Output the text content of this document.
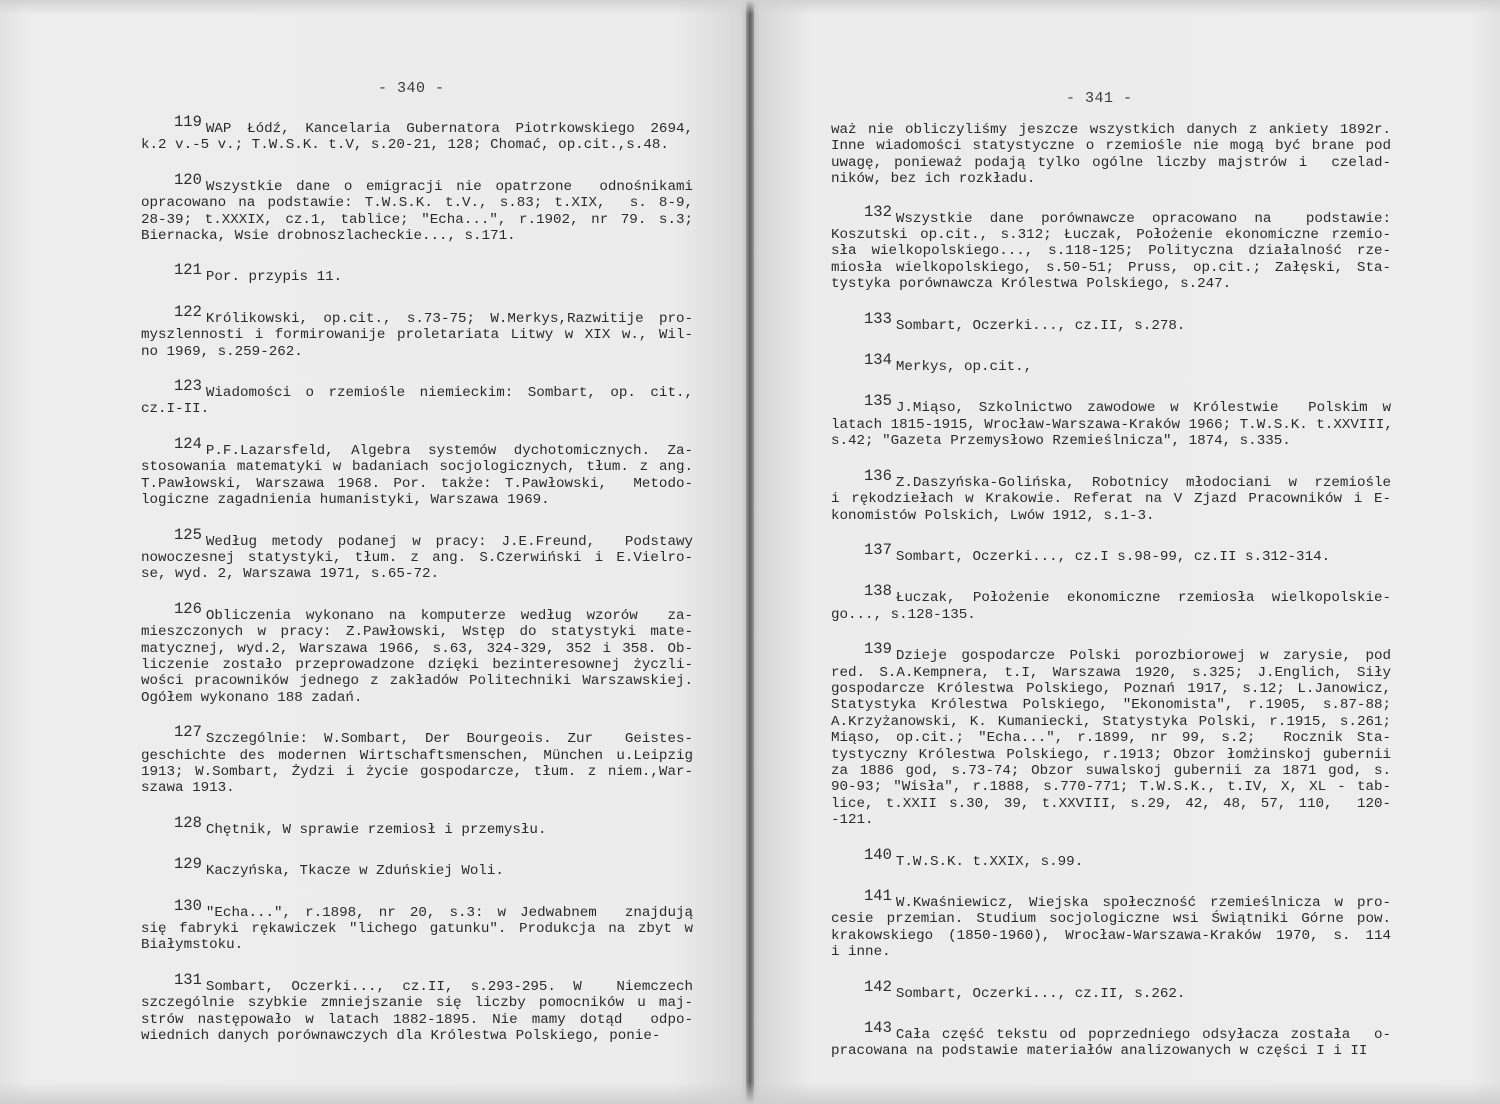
- 340 -
119 WAP Łódź, Kancelaria Gubernatora Piotrkowskiego 2694,
k.2 v.-5 v.; T.W.S.K. t.V, s.20-21, 128; Chomać, op.cit.,s.48.
120 Wszystkie dane o emigracji nie opatrzone  odnośnikami
opracowano na podstawie: T.W.S.K. t.V., s.83; t.XIX,  s. 8-9,
28-39; t.XXXIX, cz.1, tablice; "Echa...", r.1902, nr 79. s.3;
Biernacka, Wsie drobnoszlacheckie..., s.171.
121 Por. przypis 11.
122 Królikowski, op.cit., s.73-75; W.Merkys,Razwitije pro-
myszlennosti i formirowanije proletariata Litwy w XIX w., Wil-
no 1969, s.259-262.
123 Wiadomości o rzemiośle niemieckim: Sombart, op. cit.,
cz.I-II.
124 P.F.Lazarsfeld, Algebra systemów dychotomicznych. Za-
stosowania matematyki w badaniach socjologicznych, tłum. z ang.
T.Pawłowski, Warszawa 1968. Por. także: T.Pawłowski,  Metodo-
logiczne zagadnienia humanistyki, Warszawa 1969.
125 Według metody podanej w pracy: J.E.Freund,  Podstawy
nowoczesnej statystyki, tłum. z ang. S.Czerwiński i E.Vielro-
se, wyd. 2, Warszawa 1971, s.65-72.
126 Obliczenia wykonano na komputerze według wzorów  za-
mieszczonych w pracy: Z.Pawłowski, Wstęp do statystyki mate-
matycznej, wyd.2, Warszawa 1966, s.63, 324-329, 352 i 358. Ob-
liczenie zostało przeprowadzone dzięki bezinteresownej życzli-
wości pracowników jednego z zakładów Politechniki Warszawskiej.
Ogółem wykonano 188 zadań.
127 Szczególnie: W.Sombart, Der Bourgeois. Zur  Geistes-
geschichte des modernen Wirtschaftsmenschen, München u.Leipzig
1913; W.Sombart, Żydzi i życie gospodarcze, tłum. z niem.,War-
szawa 1913.
128 Chętnik, W sprawie rzemiosł i przemysłu.
129 Kaczyńska, Tkacze w Zduńskiej Woli.
130 "Echa...", r.1898, nr 20, s.3: w Jedwabnem  znajdują
się fabryki rękawiczek "lichego gatunku". Produkcja na zbyt w
Białymstoku.
131 Sombart, Oczerki..., cz.II, s.293-295. W  Niemczech
szczególnie szybkie zmniejszanie się liczby pomocników u maj-
strów następowało w latach 1882-1895. Nie mamy dotąd  odpo-
wiednich danych porównawczych dla Królestwa Polskiego, ponie-
- 341 -
waż nie obliczyliśmy jeszcze wszystkich danych z ankiety 1892r.
Inne wiadomości statystyczne o rzemiośle nie mogą być brane pod
uwagę, ponieważ podają tylko ogólne liczby majstrów i  czelad-
ników, bez ich rozkładu.
132 Wszystkie dane porównawcze opracowano na  podstawie:
Koszutski op.cit., s.312; Łuczak, Położenie ekonomiczne rzemio-
sła wielkopolskiego..., s.118-125; Polityczna działalność rze-
miosła wielkopolskiego, s.50-51; Pruss, op.cit.; Załęski, Sta-
tystyka porównawcza Królestwa Polskiego, s.247.
133 Sombart, Oczerki..., cz.II, s.278.
134 Merkys, op.cit.,
135 J.Miąso, Szkolnictwo zawodowe w Królestwie  Polskim w
latach 1815-1915, Wrocław-Warszawa-Kraków 1966; T.W.S.K. t.XXVIII,
s.42; "Gazeta Przemysłowo Rzemieślnicza", 1874, s.335.
136 Z.Daszyńska-Golińska, Robotnicy młodociani w rzemiośle
i rękodziełach w Krakowie. Referat na V Zjazd Pracowników i E-
konomistów Polskich, Lwów 1912, s.1-3.
137 Sombart, Oczerki..., cz.I s.98-99, cz.II s.312-314.
138 Łuczak, Położenie ekonomiczne rzemiosła wielkopolskie-
go..., s.128-135.
139 Dzieje gospodarcze Polski porozbiorowej w zarysie, pod
red. S.A.Kempnera, t.I, Warszawa 1920, s.325; J.Englich, Siły
gospodarcze Królestwa Polskiego, Poznań 1917, s.12; L.Janowicz,
Statystyka Królestwa Polskiego, "Ekonomista", r.1905, s.87-88;
A.Krzyżanowski, K. Kumaniecki, Statystyka Polski, r.1915, s.261;
Miąso, op.cit.; "Echa...", r.1899, nr 99, s.2;  Rocznik Sta-
tystyczny Królestwa Polskiego, r.1913; Obzor łomżinskoj gubernii
za 1886 god, s.73-74; Obzor suwalskoj gubernii za 1871 god, s.
90-93; "Wisła", r.1888, s.770-771; T.W.S.K., t.IV, X, XL - tab-
lice, t.XXII s.30, 39, t.XXVIII, s.29, 42, 48, 57, 110,  120-
-121.
140 T.W.S.K. t.XXIX, s.99.
141 W.Kwaśniewicz, Wiejska społeczność rzemieślnicza w pro-
cesie przemian. Studium socjologiczne wsi Świątniki Górne pow.
krakowskiego (1850-1960), Wrocław-Warszawa-Kraków 1970, s. 114
i inne.
142 Sombart, Oczerki..., cz.II, s.262.
143 Cała część tekstu od poprzedniego odsyłacza została  o-
pracowana na podstawie materiałów analizowanych w części I i II
